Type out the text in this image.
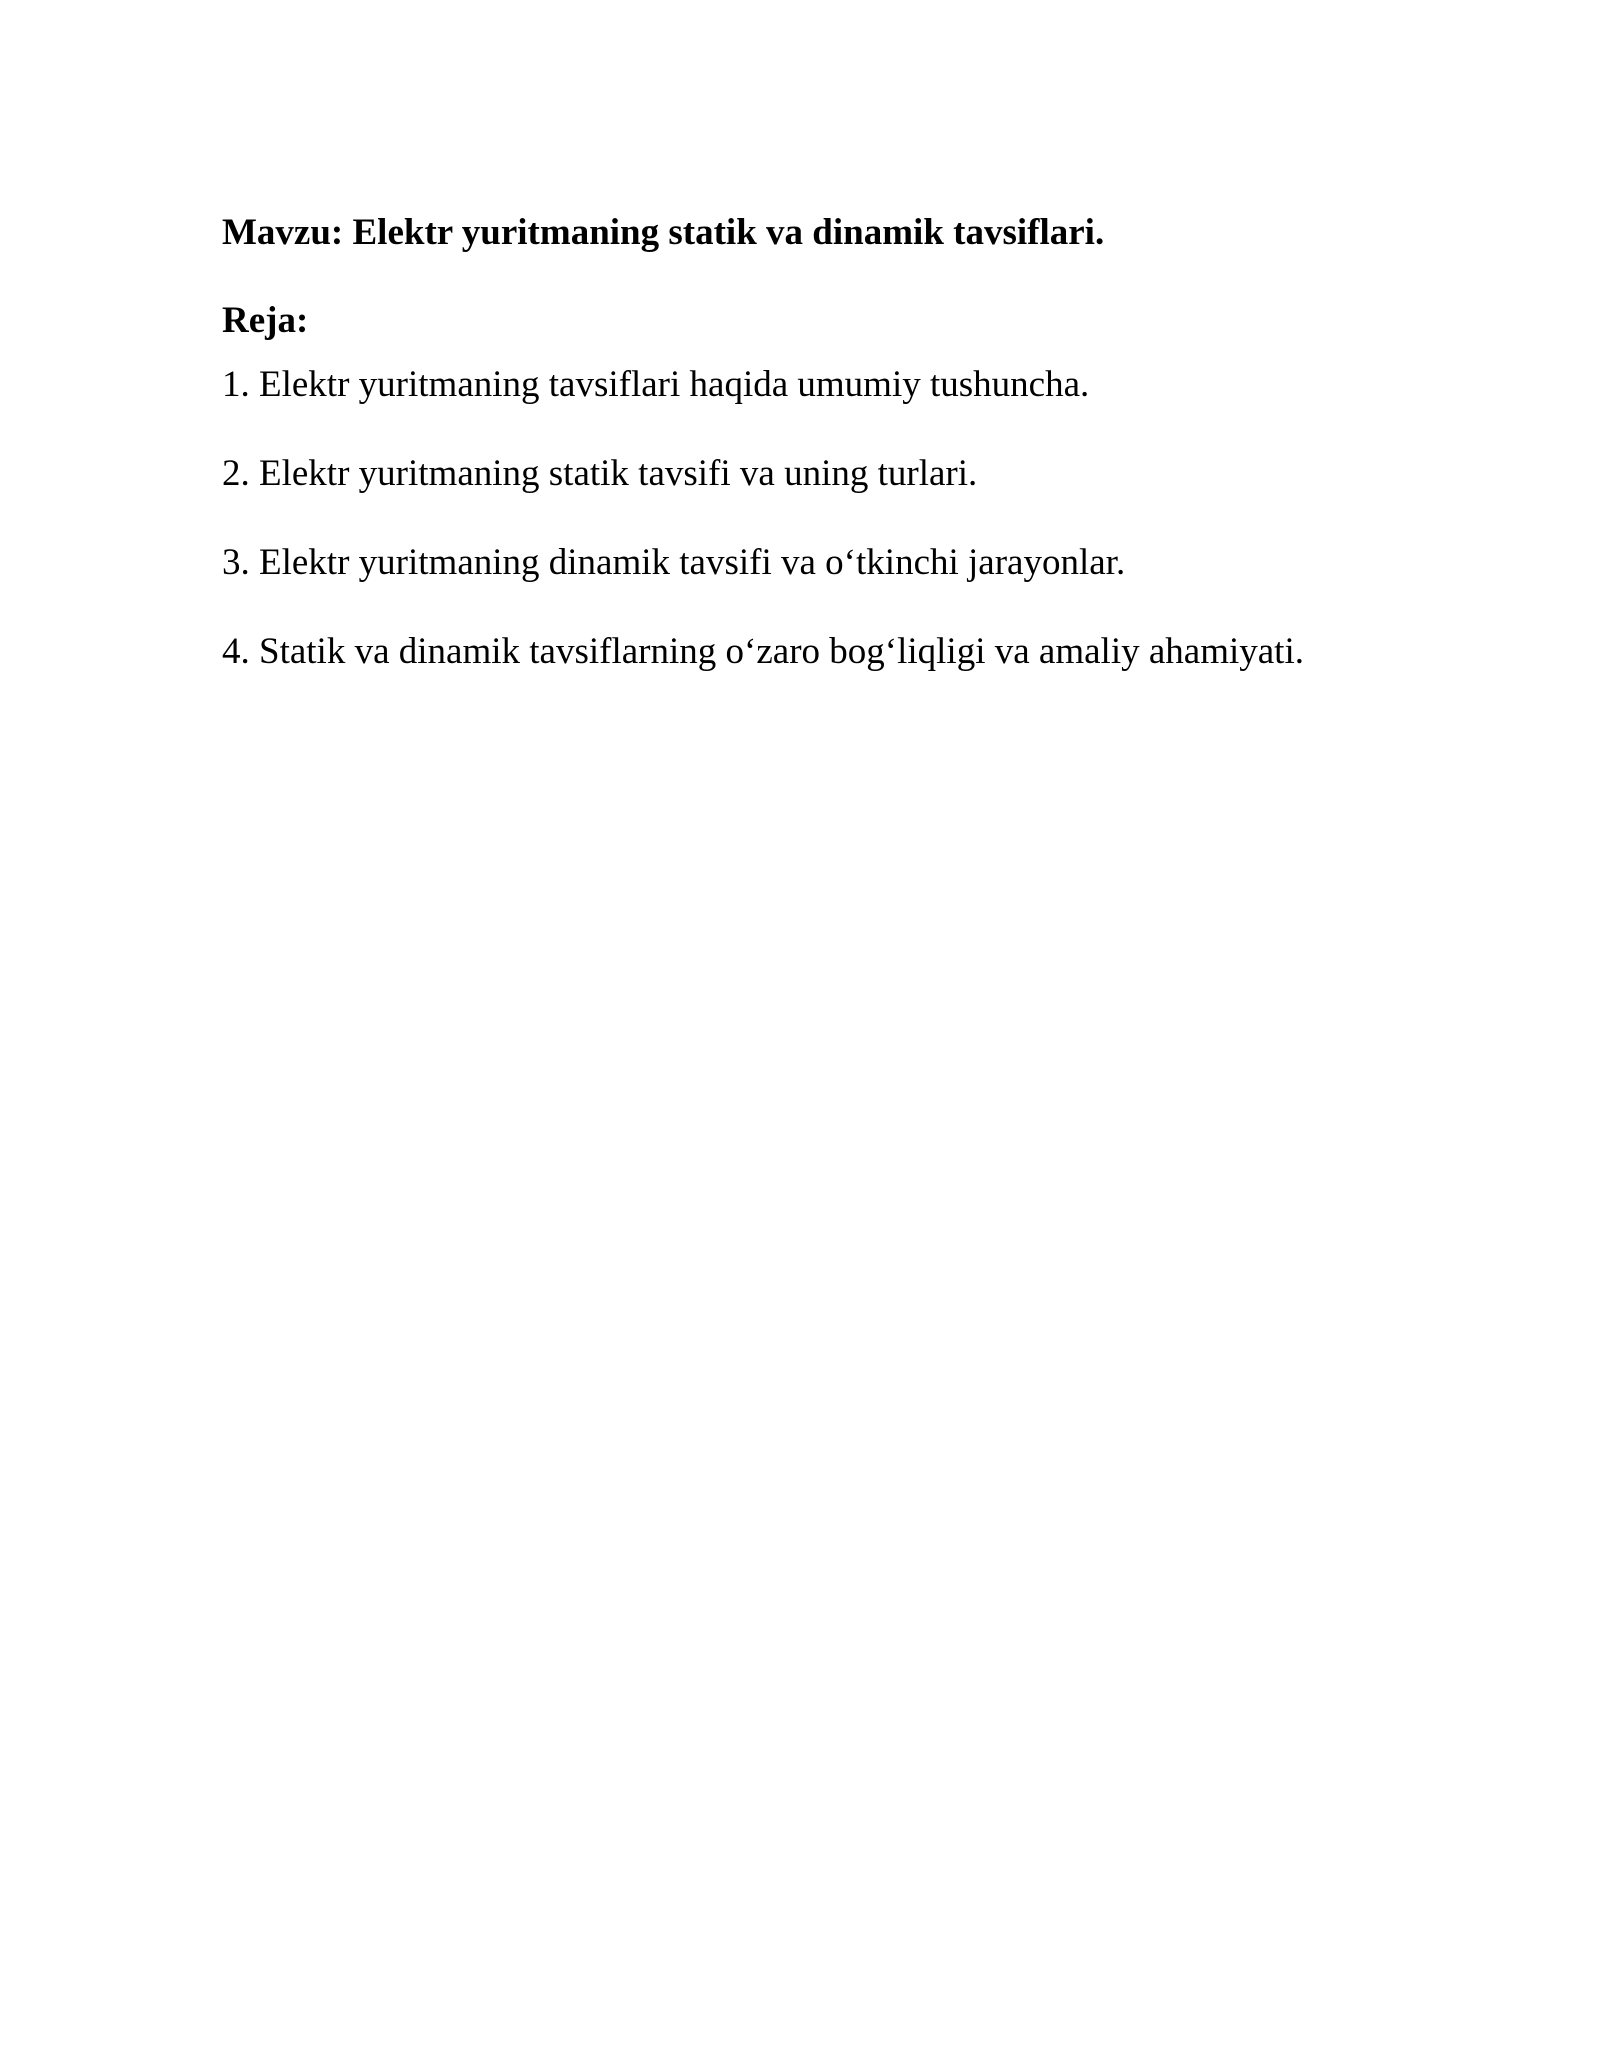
Mavzu: Elektr yuritmaning statik va dinamik tavsiflari.

Reja:

1. Elektr yuritmaning tavsiflari haqida umumiy tushuncha.
2. Elektr yuritmaning statik tavsifi va uning turlari.
3. Elektr yuritmaning dinamik tavsifi va o‘tkinchi jarayonlar.
4. Statik va dinamik tavsiflarning o‘zaro bog‘liqligi va amaliy ahamiyati.
